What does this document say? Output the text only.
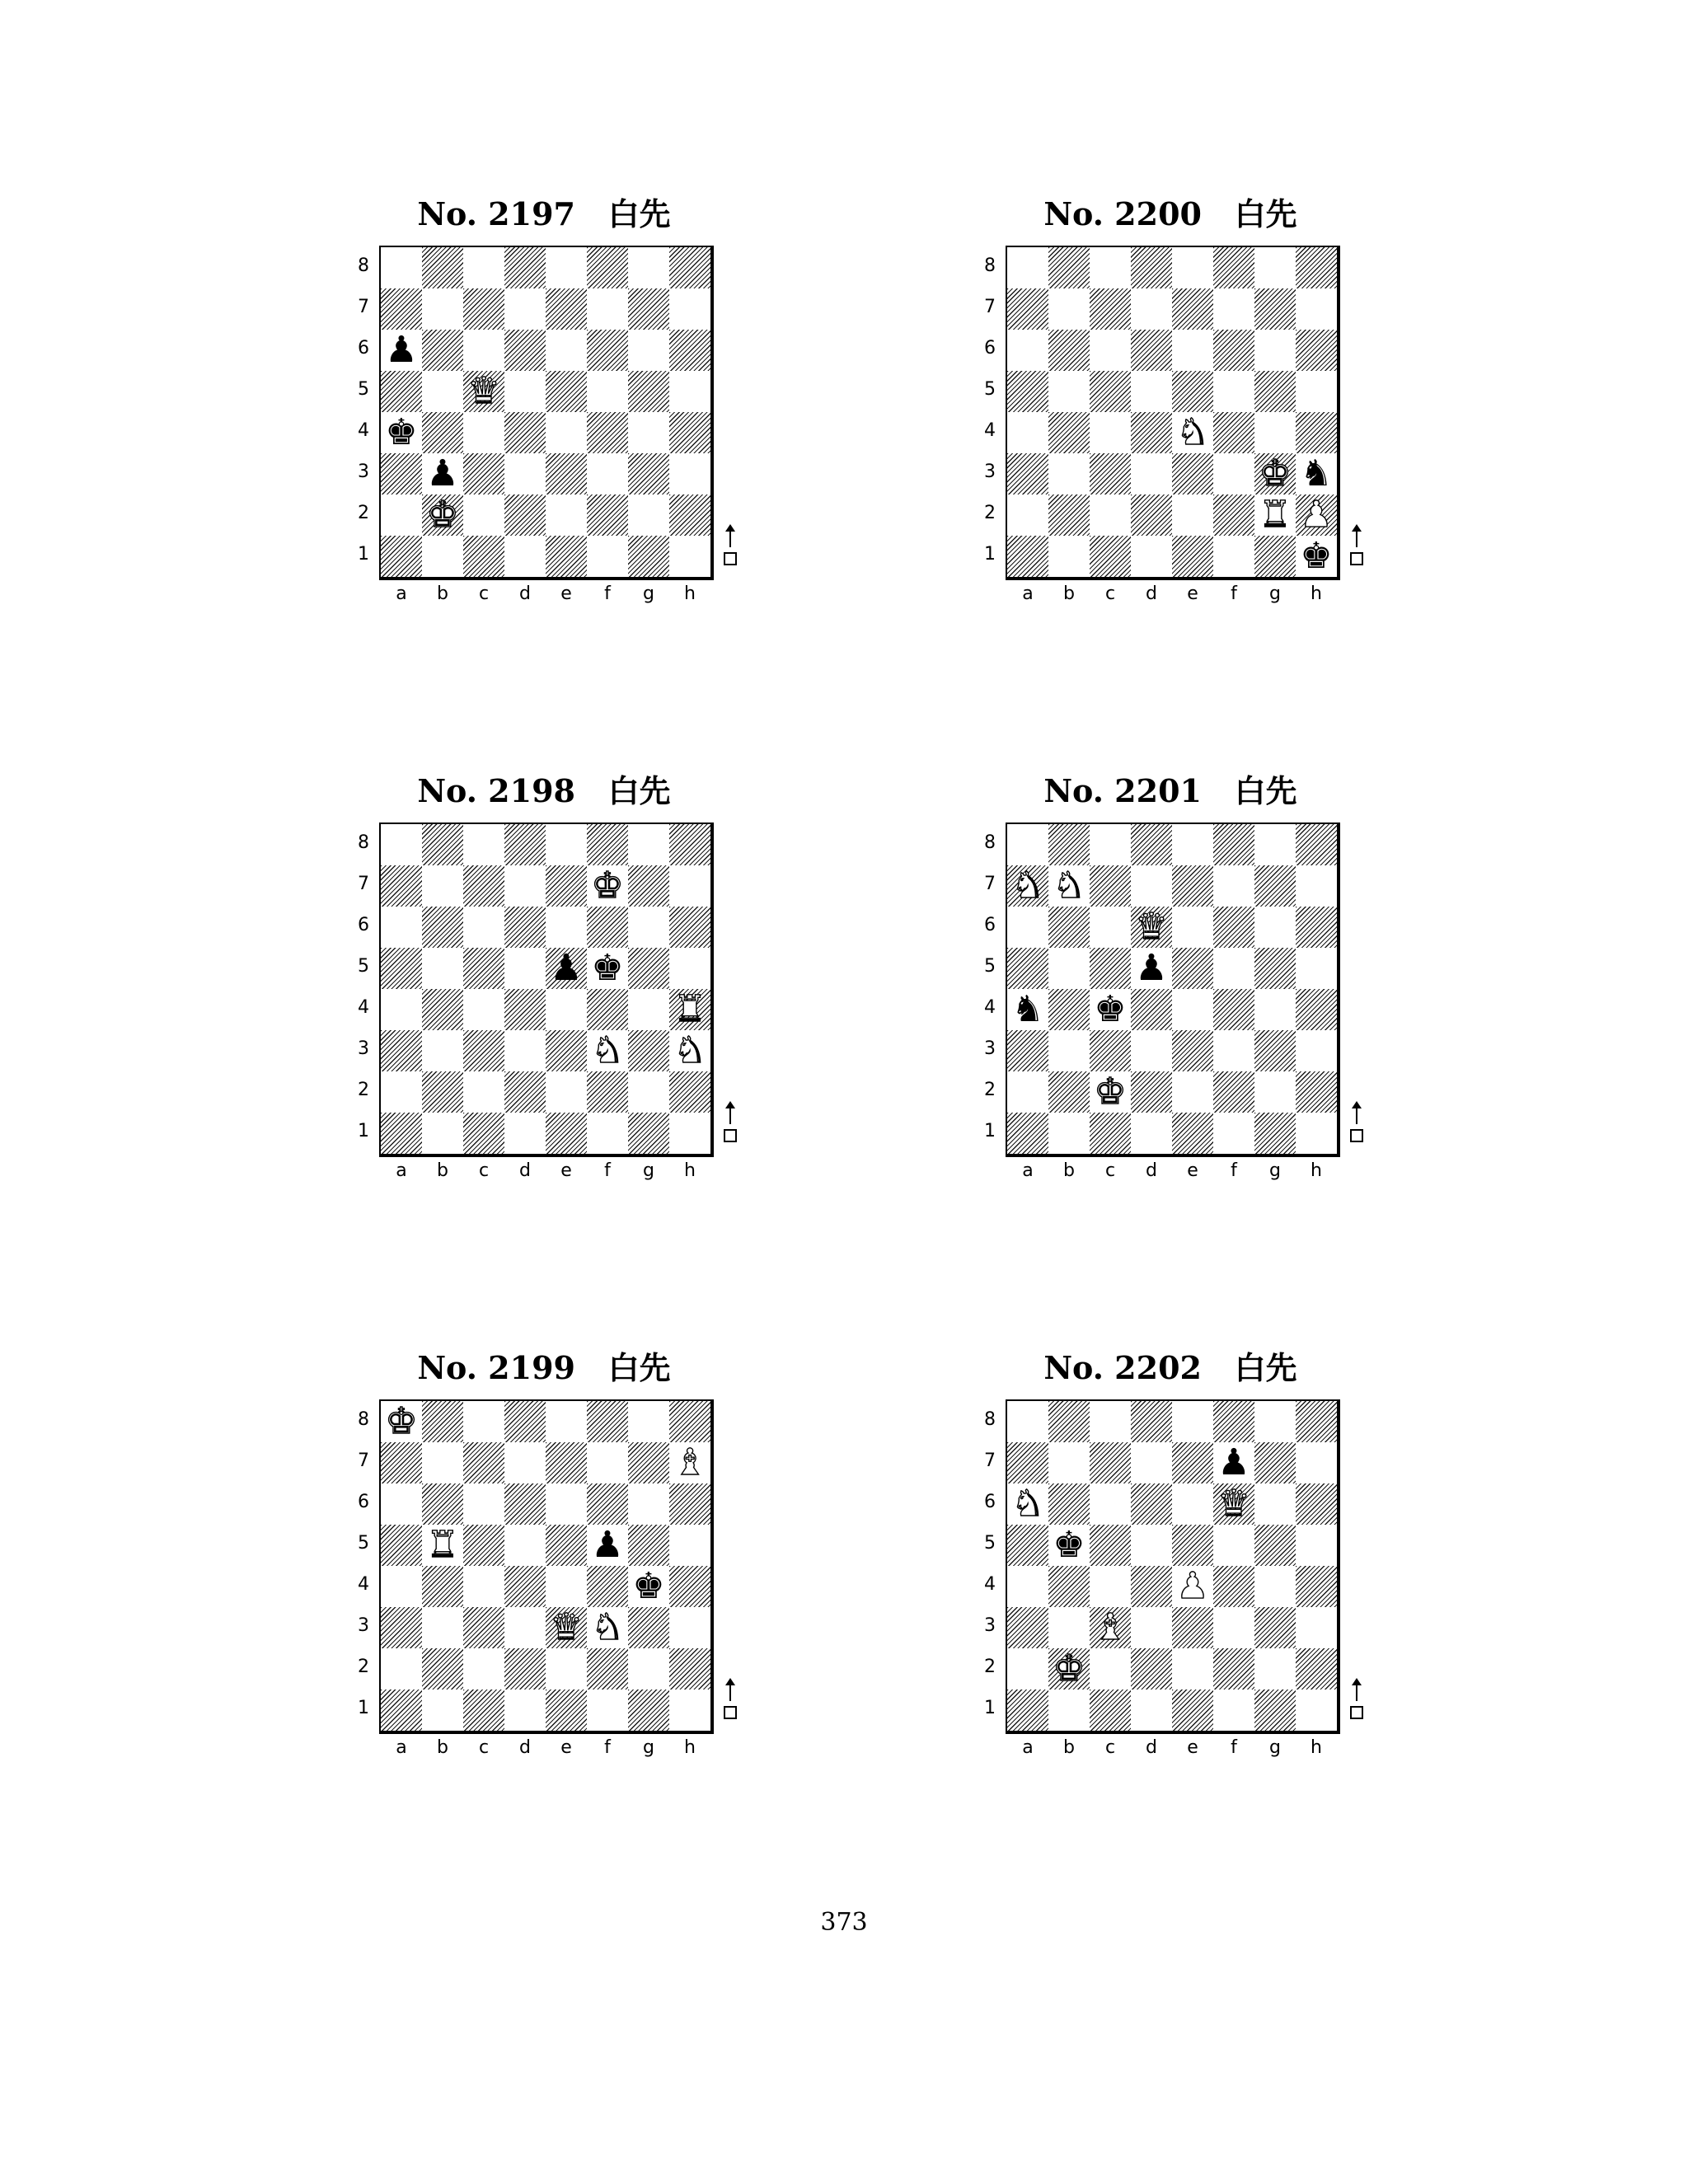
No. 2197 白先
♟
♛
♚
♟
♚
8
7
6
5
4
3
2
1
a	b	c	d	e	f	g	h
No. 2200 白先
♞
♚ ♞
♜ ♟
♚
8
7
6
5
4
3
2
1
a	b	c	d	e	f	g	h
No. 2198 白先
♚
♟ ♚
♜
♞ ♞
8
7
6
5
4
3
2
1
a	b	c	d	e	f	g	h
No. 2201 白先
♞ ♞
♛
♟
♞ ♚
♚
8
7
6
5
4
3
2
1
a	b	c	d	e	f	g	h
No. 2199 白先
♚
♝
♜	♟
♚
♛ ♞
8
7
6
5
4
3
2
1
a	b	c	d	e	f	g	h
No. 2202 白先
♟
♞	♛
♚
♟
♝
♚
8
7
6
5
4
3
2
1
a	b	c	d	e	f	g	h
373
